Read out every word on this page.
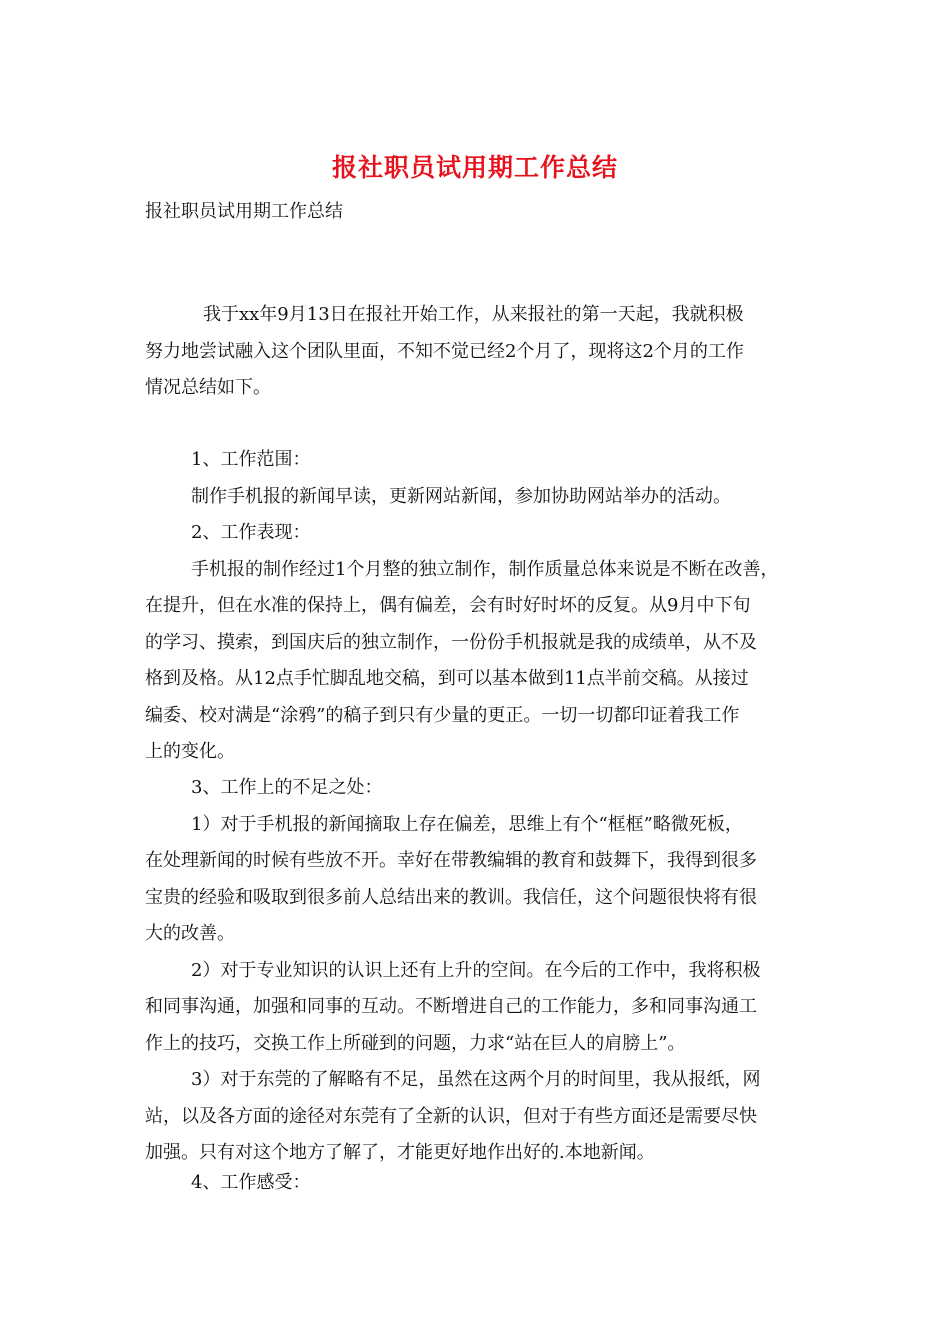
报社职员试用期工作总结
报社职员试用期工作总结

我于xx年9月13日在报社开始工作，从来报社的第一天起，我就积极
努力地尝试融入这个团队里面，不知不觉已经2个月了，现将这2个月的工作
情况总结如下。

1、工作范围：
制作手机报的新闻早读，更新网站新闻，参加协助网站举办的活动。

2、工作表现：
手机报的制作经过1个月整的独立制作，制作质量总体来说是不断在改善，
在提升，但在水准的保持上，偶有偏差，会有时好时坏的反复。从9月中下旬
的学习、摸索，到国庆后的独立制作，一份份手机报就是我的成绩单，从不及
格到及格。从12点手忙脚乱地交稿，到可以基本做到11点半前交稿。从接过
编委、校对满是“涂鸦”的稿子到只有少量的更正。一切一切都印证着我工作
上的变化。

3、工作上的不足之处：
1）对于手机报的新闻摘取上存在偏差，思维上有个“框框”略微死板，
在处理新闻的时候有些放不开。幸好在带教编辑的教育和鼓舞下，我得到很多
宝贵的经验和吸取到很多前人总结出来的教训。我信任，这个问题很快将有很
大的改善。
2）对于专业知识的认识上还有上升的空间。在今后的工作中，我将积极
和同事沟通，加强和同事的互动。不断增进自己的工作能力，多和同事沟通工
作上的技巧，交换工作上所碰到的问题，力求“站在巨人的肩膀上”。
3）对于东莞的了解略有不足，虽然在这两个月的时间里，我从报纸，网
站，以及各方面的途径对东莞有了全新的认识，但对于有些方面还是需要尽快
加强。只有对这个地方了解了，才能更好地作出好的.本地新闻。

4、工作感受：
